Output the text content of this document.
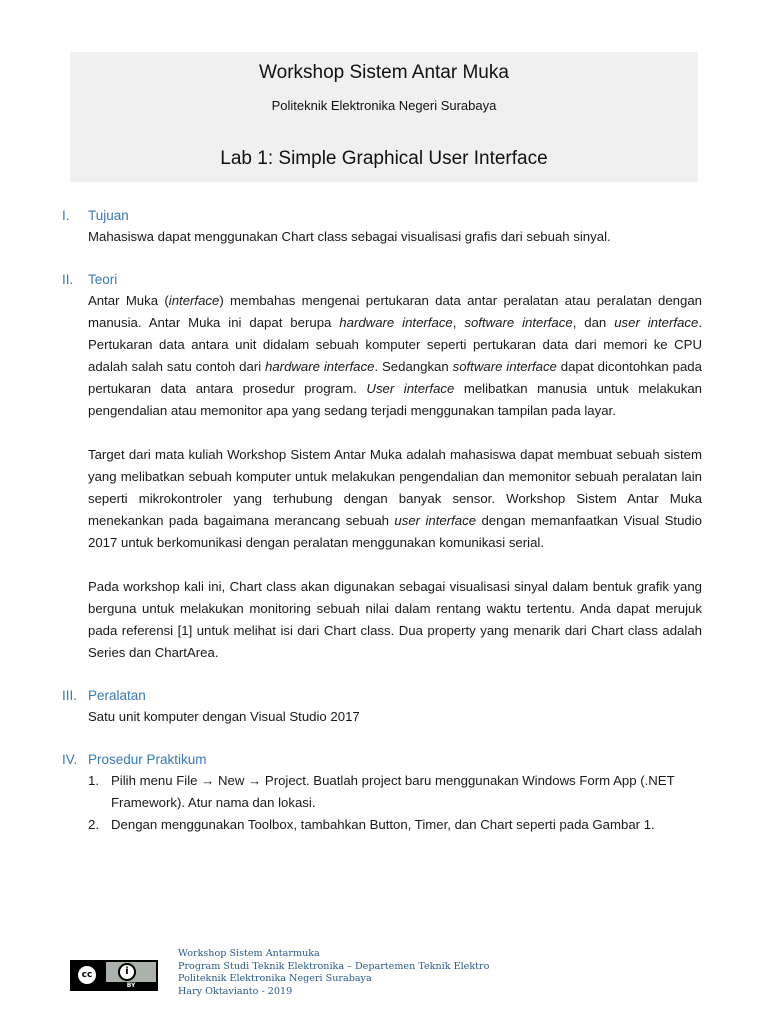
Workshop Sistem Antar Muka
Politeknik Elektronika Negeri Surabaya
Lab 1: Simple Graphical User Interface
I. Tujuan
Mahasiswa dapat menggunakan Chart class sebagai visualisasi grafis dari sebuah sinyal.
II. Teori
Antar Muka (interface) membahas mengenai pertukaran data antar peralatan atau peralatan dengan manusia. Antar Muka ini dapat berupa hardware interface, software interface, dan user interface. Pertukaran data antara unit didalam sebuah komputer seperti pertukaran data dari memori ke CPU adalah salah satu contoh dari hardware interface. Sedangkan software interface dapat dicontohkan pada pertukaran data antara prosedur program. User interface melibatkan manusia untuk melakukan pengendalian atau memonitor apa yang sedang terjadi menggunakan tampilan pada layar.
Target dari mata kuliah Workshop Sistem Antar Muka adalah mahasiswa dapat membuat sebuah sistem yang melibatkan sebuah komputer untuk melakukan pengendalian dan memonitor sebuah peralatan lain seperti mikrokontroler yang terhubung dengan banyak sensor. Workshop Sistem Antar Muka menekankan pada bagaimana merancang sebuah user interface dengan memanfaatkan Visual Studio 2017 untuk berkomunikasi dengan peralatan menggunakan komunikasi serial.
Pada workshop kali ini, Chart class akan digunakan sebagai visualisasi sinyal dalam bentuk grafik yang berguna untuk melakukan monitoring sebuah nilai dalam rentang waktu tertentu. Anda dapat merujuk pada referensi [1] untuk melihat isi dari Chart class. Dua property yang menarik dari Chart class adalah Series dan ChartArea.
III. Peralatan
Satu unit komputer dengan Visual Studio 2017
IV. Prosedur Praktikum
1. Pilih menu File → New → Project. Buatlah project baru menggunakan Windows Form App (.NET Framework). Atur nama dan lokasi.
2. Dengan menggunakan Toolbox, tambahkan Button, Timer, dan Chart seperti pada Gambar 1.
cc	i
BY
Workshop Sistem Antarmuka
Program Studi Teknik Elektronika – Departemen Teknik Elektro
Politeknik Elektronika Negeri Surabaya
Hary Oktavianto - 2019
